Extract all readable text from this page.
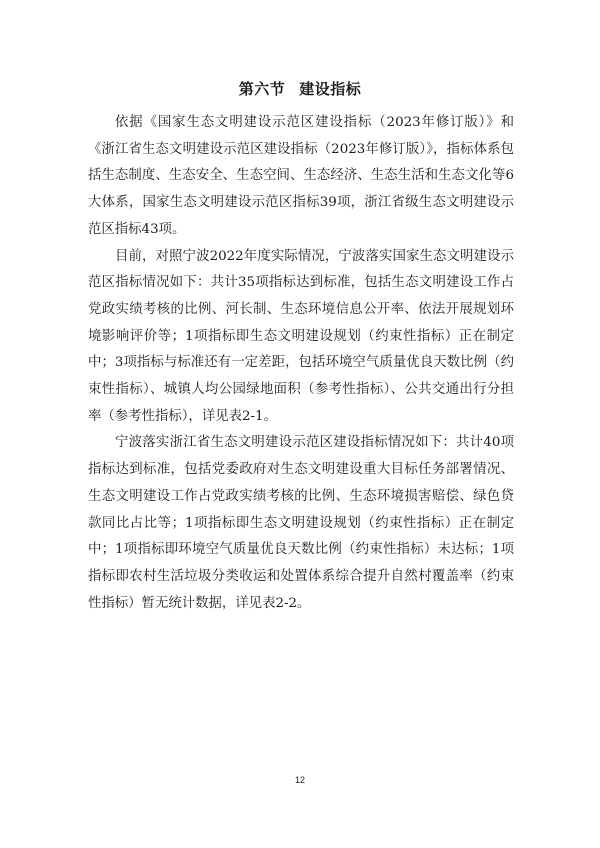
第六节 建设指标

依据《国家生态文明建设示范区建设指标（2023年修订版）》和《浙江省生态文明建设示范区建设指标（2023年修订版）》，指标体系包括生态制度、生态安全、生态空间、生态经济、生态生活和生态文化等6大体系，国家生态文明建设示范区指标39项，浙江省级生态文明建设示范区指标43项。

目前，对照宁波2022年度实际情况，宁波落实国家生态文明建设示范区指标情况如下：共计35项指标达到标准，包括生态文明建设工作占党政实绩考核的比例、河长制、生态环境信息公开率、依法开展规划环境影响评价等；1项指标即生态文明建设规划（约束性指标）正在制定中；3项指标与标准还有一定差距，包括环境空气质量优良天数比例（约束性指标）、城镇人均公园绿地面积（参考性指标）、公共交通出行分担率（参考性指标），详见表2-1。

宁波落实浙江省生态文明建设示范区建设指标情况如下：共计40项指标达到标准，包括党委政府对生态文明建设重大目标任务部署情况、生态文明建设工作占党政实绩考核的比例、生态环境损害赔偿、绿色贷款同比占比等；1项指标即生态文明建设规划（约束性指标）正在制定中；1项指标即环境空气质量优良天数比例（约束性指标）未达标；1项指标即农村生活垃圾分类收运和处置体系综合提升自然村覆盖率（约束性指标）暂无统计数据，详见表2-2。

12
